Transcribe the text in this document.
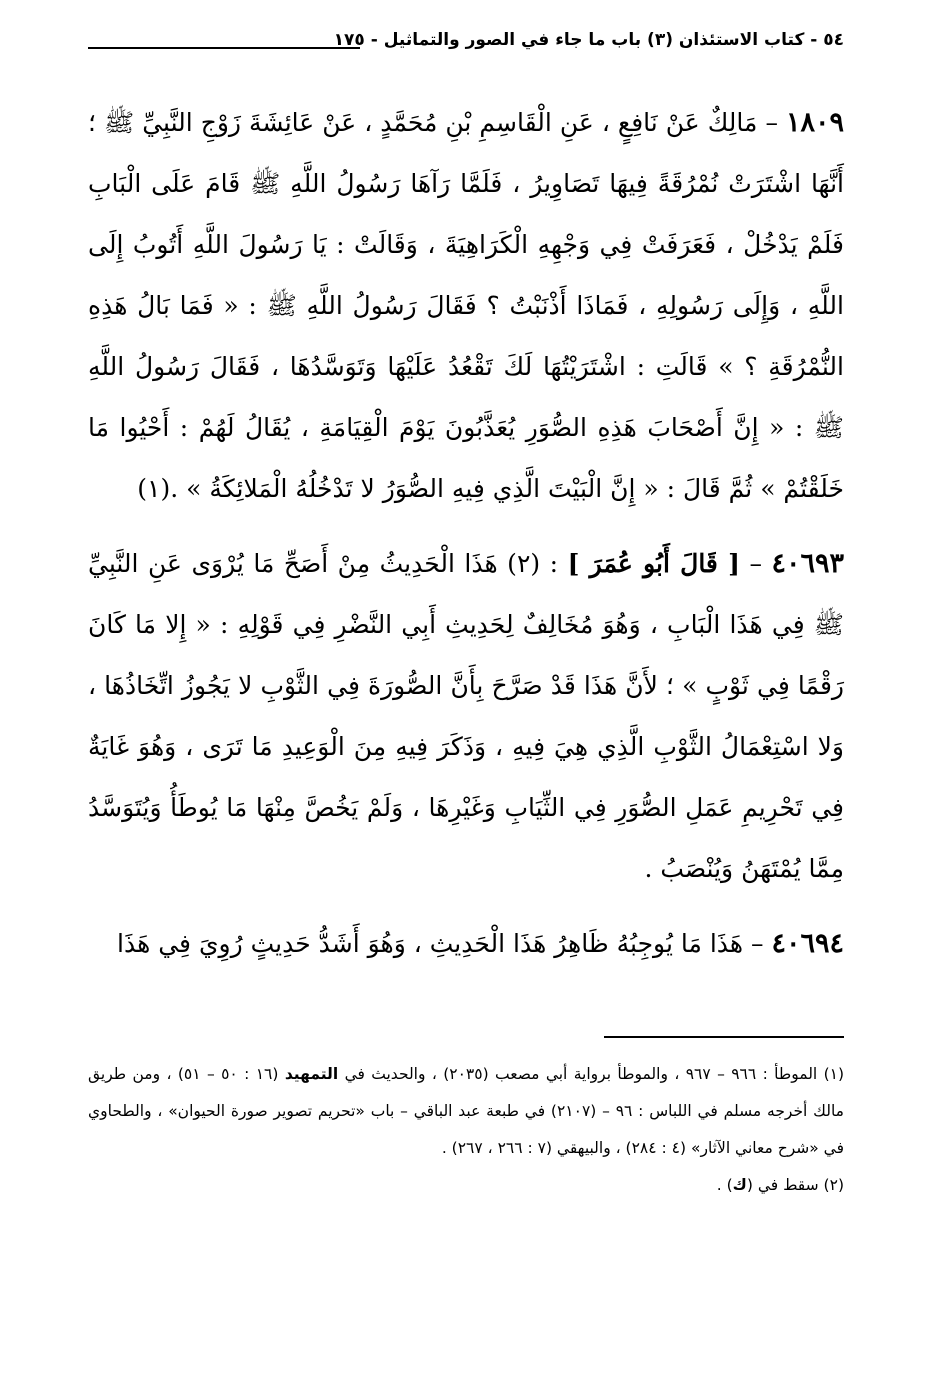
٥٤ - كتاب الاستئذان (٣) باب ما جاء في الصور والتماثيل - ١٧٥

١٨٠٩ – مَالِكٌ عَنْ نَافِعٍ ، عَنِ الْقَاسِمِ بْنِ مُحَمَّدٍ ، عَنْ عَائِشَةَ زَوْجِ النَّبِيِّ ﷺ ؛ أَنَّهَا اشْتَرَتْ نُمْرُقَةً فِيهَا تَصَاوِيرُ ، فَلَمَّا رَآهَا رَسُولُ اللَّهِ ﷺ قَامَ عَلَى الْبَابِ فَلَمْ يَدْخُلْ ، فَعَرَفَتْ فِي وَجْهِهِ الْكَرَاهِيَةَ ، وَقَالَتْ : يَا رَسُولَ اللَّهِ أَتُوبُ إِلَى اللَّهِ ، وَإِلَى رَسُولِهِ ، فَمَاذَا أَذْنَبْتُ ؟ فَقَالَ رَسُولُ اللَّهِ ﷺ : « فَمَا بَالُ هَذِهِ النُّمْرُقَةِ ؟ » قَالَتِ : اشْتَرَيْتُهَا لَكَ تَقْعُدُ عَلَيْهَا وَتَوَسَّدُهَا ، فَقَالَ رَسُولُ اللَّهِ ﷺ : « إِنَّ أَصْحَابَ هَذِهِ الصُّوَرِ يُعَذَّبُونَ يَوْمَ الْقِيَامَةِ ، يُقَالُ لَهُمْ : أَحْيُوا مَا خَلَقْتُمْ » ثُمَّ قَالَ : « إِنَّ الْبَيْتَ الَّذِي فِيهِ الصُّوَرُ لا تَدْخُلُهُ الْمَلائِكَةُ » .(١)

٤٠٦٩٣ – [ قَالَ أَبُو عُمَرَ ] : (٢) هَذَا الْحَدِيثُ مِنْ أَصَحِّ مَا يُرْوَى عَنِ النَّبِيِّ ﷺ فِي هَذَا الْبَابِ ، وَهُوَ مُخَالِفٌ لِحَدِيثِ أَبِي النَّضْرِ فِي قَوْلِهِ : « إِلا مَا كَانَ رَقْمًا فِي ثَوْبٍ » ؛ لأَنَّ هَذَا قَدْ صَرَّحَ بِأَنَّ الصُّورَةَ فِي الثَّوْبِ لا يَجُوزُ اتِّخَاذُهَا ، وَلا اسْتِعْمَالُ الثَّوْبِ الَّذِي هِيَ فِيهِ ، وَذَكَرَ فِيهِ مِنَ الْوَعِيدِ مَا تَرَى ، وَهُوَ غَايَةٌ فِي تَحْرِيمِ عَمَلِ الصُّوَرِ فِي الثِّيَابِ وَغَيْرِهَا ، وَلَمْ يَخُصَّ مِنْهَا مَا يُوطَأُ وَيُتَوَسَّدُ مِمَّا يُمْتَهَنُ وَيُنْصَبُ .

٤٠٦٩٤ – هَذَا مَا يُوجِبُهُ ظَاهِرُ هَذَا الْحَدِيثِ ، وَهُوَ أَشَدُّ حَدِيثٍ رُوِيَ فِي هَذَا

(١) الموطأ : ٩٦٦ – ٩٦٧ ، والموطأ برواية أبي مصعب (٢٠٣٥) ، والحديث في التمهيد (١٦ : ٥٠ – ٥١) ، ومن طريق مالك أخرجه مسلم في اللباس : ٩٦ – (٢١٠٧) في طبعة عبد الباقي – باب «تحريم تصوير صورة الحيوان» ، والطحاوي في «شرح معاني الآثار» (٤ : ٢٨٤) ، والبيهقي (٧ : ٢٦٦ ، ٢٦٧) .

(٢) سقط في (ك) .
